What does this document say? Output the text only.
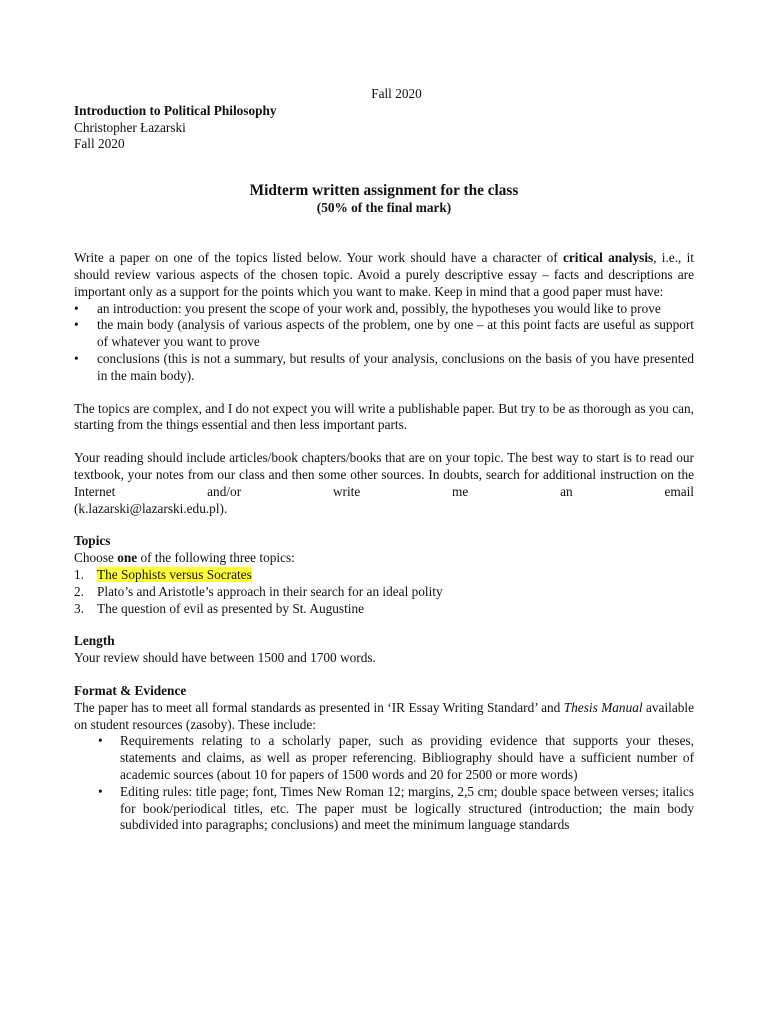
Fall 2020

Introduction to Political Philosophy

Christopher Łazarski

Fall 2020

Midterm written assignment for the class

(50% of the final mark)

Write a paper on one of the topics listed below. Your work should have a character of critical analysis, i.e., it should review various aspects of the chosen topic. Avoid a purely descriptive essay – facts and descriptions are important only as a support for the points which you want to make. Keep in mind that a good paper must have:

•	an introduction: you present the scope of your work and, possibly, the hypotheses you would like to prove
•	the main body (analysis of various aspects of the problem, one by one – at this point facts are useful as support of whatever you want to prove
•	conclusions (this is not a summary, but results of your analysis, conclusions on the basis of you have presented in the main body).

The topics are complex, and I do not expect you will write a publishable paper. But try to be as thorough as you can, starting from the things essential and then less important parts.

Your reading should include articles/book chapters/books that are on your topic. The best way to start is to read our textbook, your notes from our class and then some other sources. In doubts, search for additional instruction on the Internet and/or write me an email

(k.lazarski@lazarski.edu.pl).

Topics

Choose one of the following three topics:

1. The Sophists versus Socrates
2. Plato’s and Aristotle’s approach in their search for an ideal polity
3. The question of evil as presented by St. Augustine

Length

Your review should have between 1500 and 1700 words.

Format & Evidence

The paper has to meet all formal standards as presented in ‘IR Essay Writing Standard’ and Thesis Manual available on student resources (zasoby). These include:

•	Requirements relating to a scholarly paper, such as providing evidence that supports your theses, statements and claims, as well as proper referencing. Bibliography should have a sufficient number of academic sources (about 10 for papers of 1500 words and 20 for 2500 or more words)
•	Editing rules: title page; font, Times New Roman 12; margins, 2,5 cm; double space between verses; italics for book/periodical titles, etc. The paper must be logically structured (introduction; the main body subdivided into paragraphs; conclusions) and meet the minimum language standards
